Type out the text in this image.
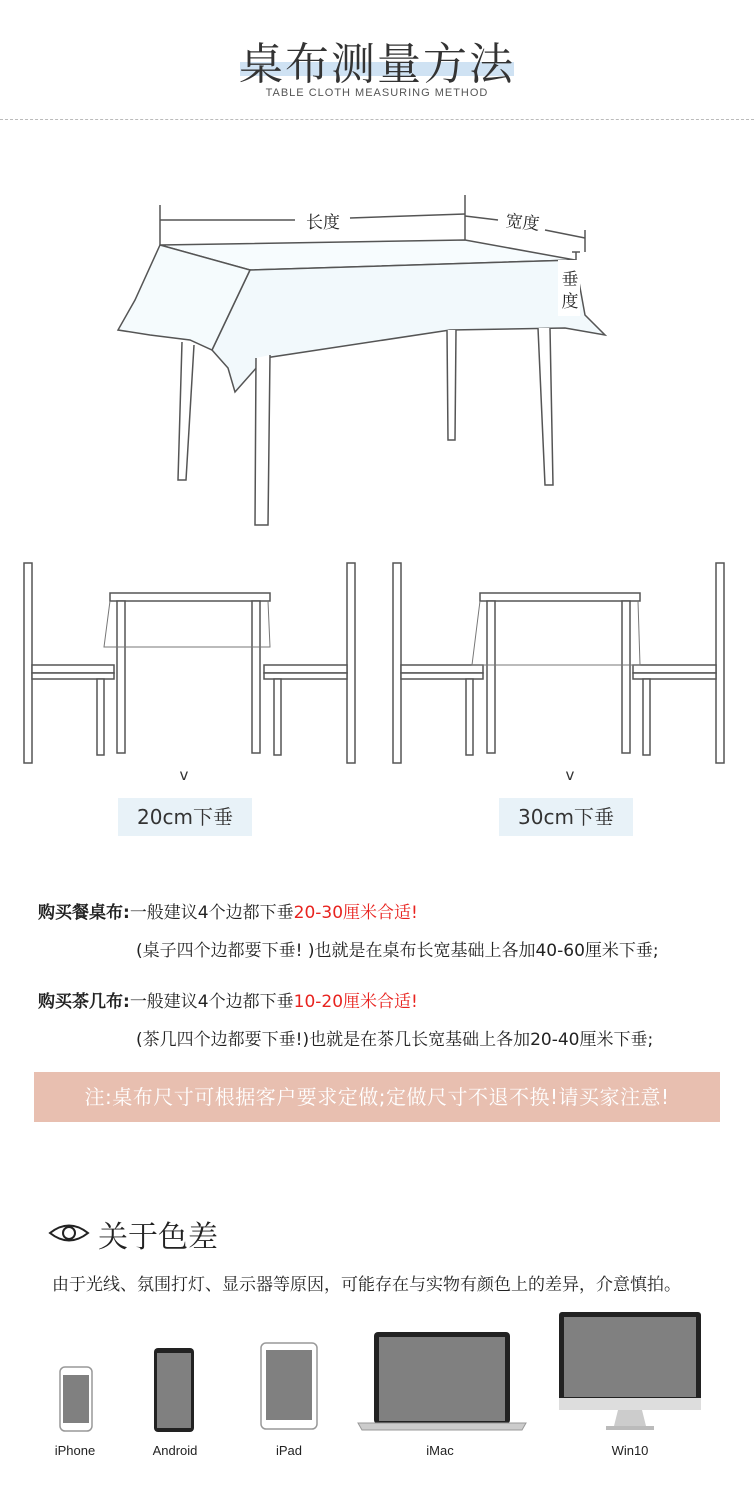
桌布测量方法
TABLE CLOTH MEASURING METHOD
长度	宽度
垂
度
v	v
20cm下垂	30cm下垂
购买餐桌布:一般建议4个边都下垂20-30厘米合适!
(桌子四个边都要下垂! )也就是在桌布长宽基础上各加40-60厘米下垂;
购买茶几布:一般建议4个边都下垂10-20厘米合适!
(茶几四个边都要下垂!)也就是在茶几长宽基础上各加20-40厘米下垂;
注:桌布尺寸可根据客户要求定做;定做尺寸不退不换!请买家注意!
关于色差
由于光线、氛围打灯、显示器等原因，可能存在与实物有颜色上的差异，介意慎拍。
iPhone	Android	iPad	iMac	Win10
